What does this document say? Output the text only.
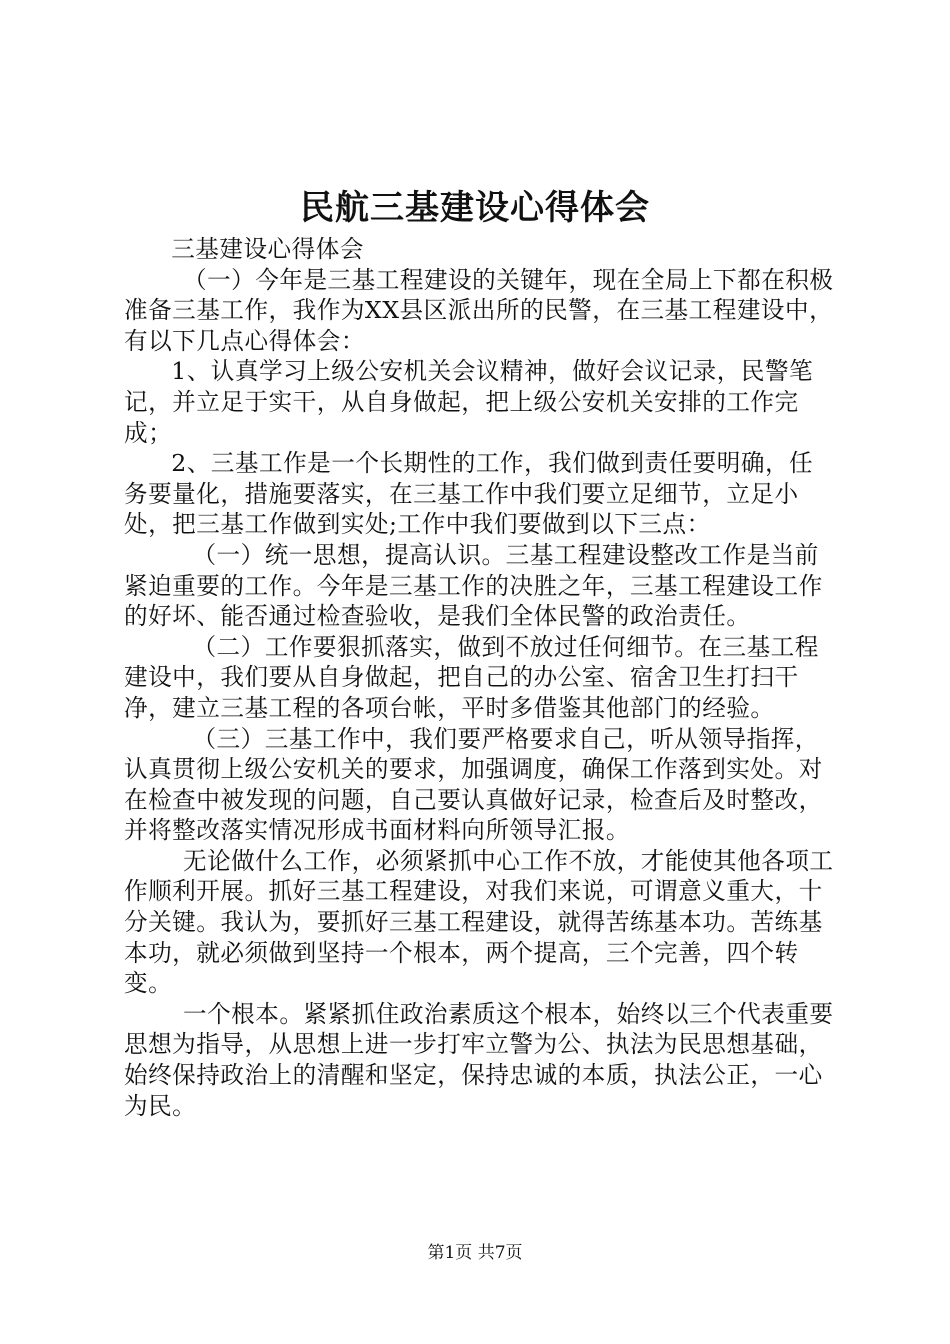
民航三基建设心得体会

三基建设心得体会

（一）今年是三基工程建设的关键年，现在全局上下都在积极准备三基工作，我作为XX县区派出所的民警，在三基工程建设中，有以下几点心得体会：

1、认真学习上级公安机关会议精神，做好会议记录，民警笔记，并立足于实干，从自身做起，把上级公安机关安排的工作完成；

2、三基工作是一个长期性的工作，我们做到责任要明确，任务要量化，措施要落实，在三基工作中我们要立足细节，立足小处，把三基工作做到实处;工作中我们要做到以下三点：

（一）统一思想，提高认识。三基工程建设整改工作是当前紧迫重要的工作。今年是三基工作的决胜之年，三基工程建设工作的好坏、能否通过检查验收，是我们全体民警的政治责任。

（二）工作要狠抓落实，做到不放过任何细节。在三基工程建设中，我们要从自身做起，把自己的办公室、宿舍卫生打扫干净，建立三基工程的各项台帐，平时多借鉴其他部门的经验。

（三）三基工作中，我们要严格要求自己，听从领导指挥，认真贯彻上级公安机关的要求，加强调度，确保工作落到实处。对在检查中被发现的问题，自己要认真做好记录，检查后及时整改，并将整改落实情况形成书面材料向所领导汇报。

无论做什么工作，必须紧抓中心工作不放，才能使其他各项工作顺利开展。抓好三基工程建设，对我们来说，可谓意义重大，十分关键。我认为，要抓好三基工程建设，就得苦练基本功。苦练基本功，就必须做到坚持一个根本，两个提高，三个完善，四个转变。

一个根本。紧紧抓住政治素质这个根本，始终以三个代表重要思想为指导，从思想上进一步打牢立警为公、执法为民思想基础，始终保持政治上的清醒和坚定，保持忠诚的本质，执法公正，一心为民。

第1页 共7页
